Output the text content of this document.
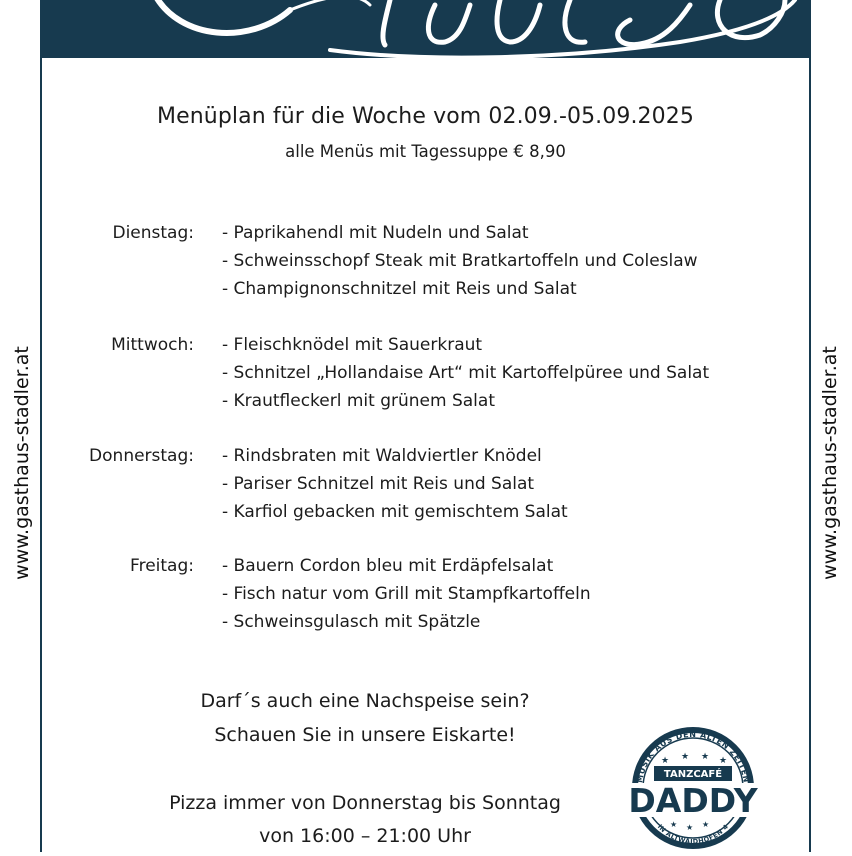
www.gasthaus-stadler.at	www.gasthaus-stadler.at
Menüplan für die Woche vom 02.09.-05.09.2025
alle Menüs mit Tagessuppe € 8,90
Dienstag: - Paprikahendl mit Nudeln und Salat
- Schweinsschopf Steak mit Bratkartoffeln und Coleslaw
- Champignonschnitzel mit Reis und Salat
Mittwoch: - Fleischknödel mit Sauerkraut
- Schnitzel „Hollandaise Art“ mit Kartoffelpüree und Salat
- Krautfleckerl mit grünem Salat
Donnerstag: - Rindsbraten mit Waldviertler Knödel
- Pariser Schnitzel mit Reis und Salat
- Karfiol gebacken mit gemischtem Salat
Freitag: - Bauern Cordon bleu mit Erdäpfelsalat
- Fisch natur vom Grill mit Stampfkartoffeln
- Schweinsgulasch mit Spätzle
Darf´s auch eine Nachspeise sein?
Schauen Sie in unsere Eiskarte!
Pizza immer von Donnerstag bis Sonntag
von 16:00 – 21:00 Uhr
MUSIK AUS DEN ALTEN ZEITEN
★ ★ ★ ★
TANZCAFÉ
DADDY
★ ★ ★
IN ALTWAIDHOFEN 4
